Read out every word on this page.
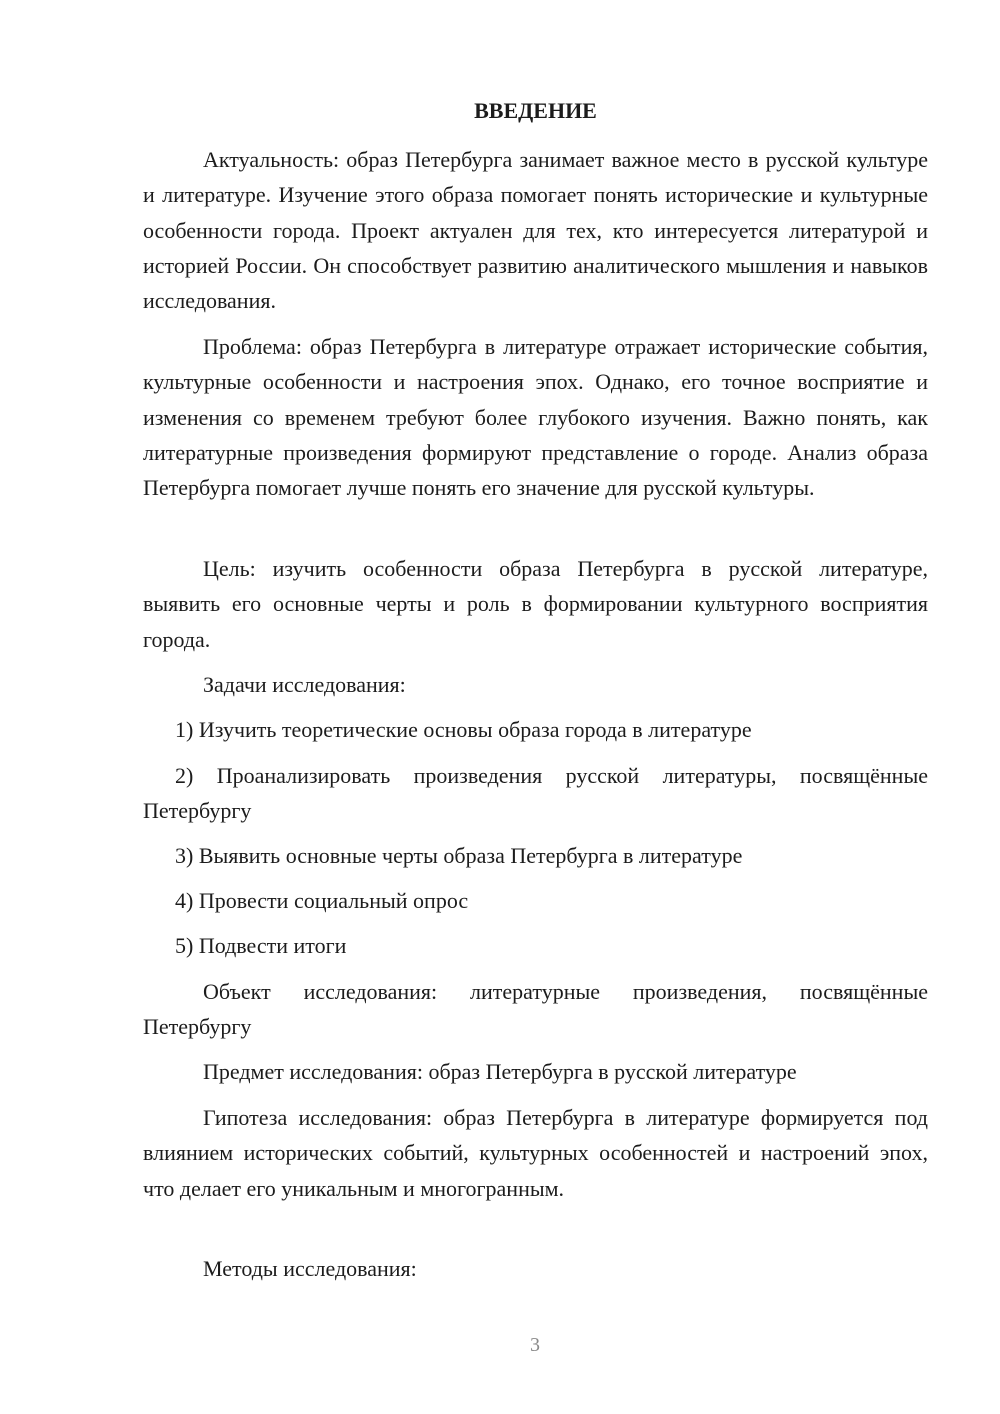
ВВЕДЕНИЕ

Актуальность: образ Петербурга занимает важное место в русской культуре и литературе. Изучение этого образа помогает понять исторические и культурные особенности города. Проект актуален для тех, кто интересуется литературой и историей России. Он способствует развитию аналитического мышления и навыков исследования.

Проблема: образ Петербурга в литературе отражает исторические события, культурные особенности и настроения эпох. Однако, его точное восприятие и изменения со временем требуют более глубокого изучения. Важно понять, как литературные произведения формируют представление о городе. Анализ образа Петербурга помогает лучше понять его значение для русской культуры.

Цель: изучить особенности образа Петербурга в русской литературе, выявить его основные черты и роль в формировании культурного восприятия города.

Задачи исследования:

1) Изучить теоретические основы образа города в литературе

2) Проанализировать произведения русской литературы, посвящённые Петербургу

3) Выявить основные черты образа Петербурга в литературе

4) Провести социальный опрос

5) Подвести итоги

Объект исследования: литературные произведения, посвящённые Петербургу

Предмет исследования: образ Петербурга в русской литературе

Гипотеза исследования: образ Петербурга в литературе формируется под влиянием исторических событий, культурных особенностей и настроений эпох, что делает его уникальным и многогранным.

Методы исследования:

3
